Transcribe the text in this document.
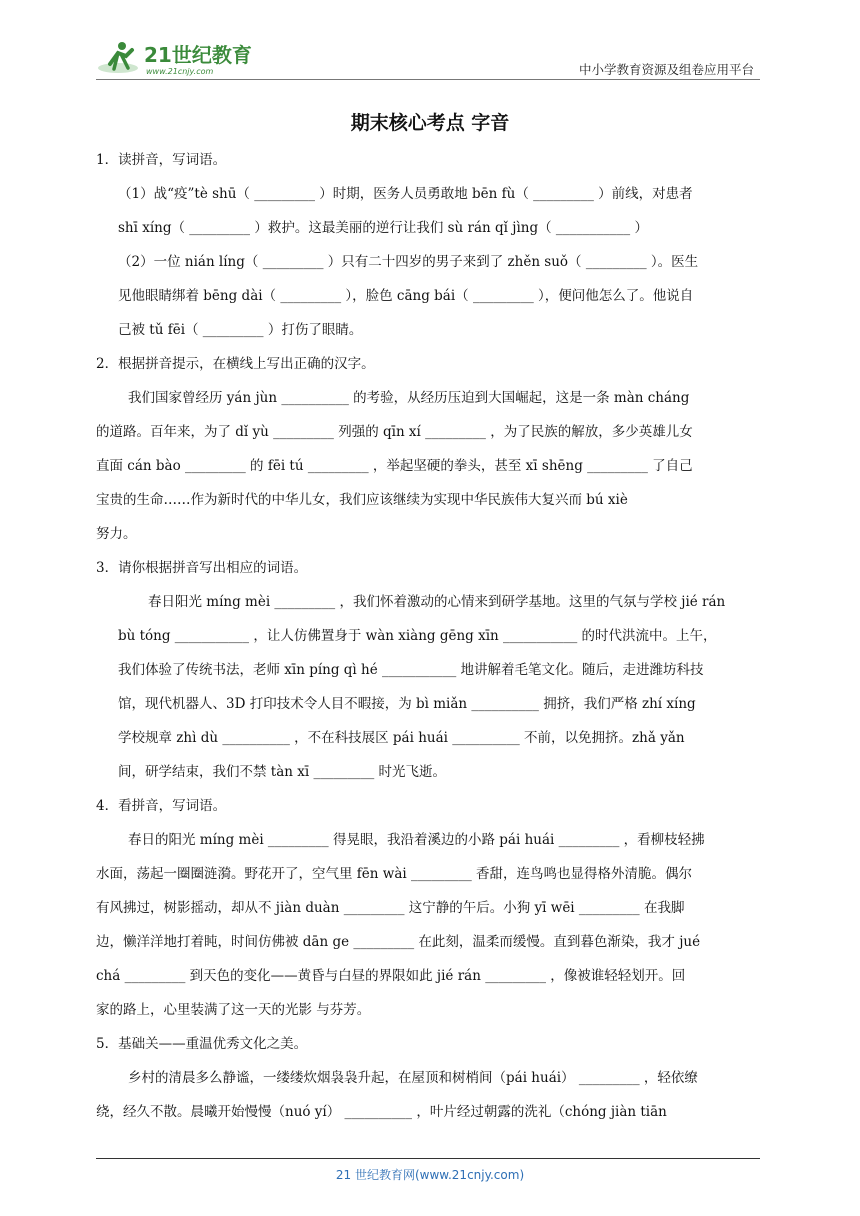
21世纪教育
www.21cnjy.com	中小学教育资源及组卷应用平台
期末核心考点 字音
1．读拼音，写词语。
（1）战“疫”tè shū（ _________ ）时期，医务人员勇敢地 bēn fù（ _________ ）前线，对患者
shī xíng（ _________ ）救护。这最美丽的逆行让我们 sù rán qǐ jìng（ ___________ ）
（2）一位 nián líng（ _________ ）只有二十四岁的男子来到了 zhěn suǒ（ _________ ）。医生
见他眼睛绑着 bēng dài（ _________ ），脸色 cāng bái（ _________ ），便问他怎么了。他说自
己被 tǔ fēi（ _________ ）打伤了眼睛。
2．根据拼音提示，在横线上写出正确的汉字。
我们国家曾经历 yán jùn __________ 的考验，从经历压迫到大国崛起，这是一条 màn cháng
的道路。百年来，为了 dǐ yù _________ 列强的 qīn xí _________ ，为了民族的解放，多少英雄儿女
直面 cán bào _________ 的 fēi tú _________ ，举起坚硬的拳头，甚至 xī shēng _________ 了自己
宝贵的生命……作为新时代的中华儿女，我们应该继续为实现中华民族伟大复兴而 bú xiè
努力。
3．请你根据拼音写出相应的词语。
春日阳光 míng mèi _________ ，我们怀着激动的心情来到研学基地。这里的气氛与学校 jié rán
bù tóng ___________ ，让人仿佛置身于 wàn xiàng gēng xīn ___________ 的时代洪流中。上午，
我们体验了传统书法，老师 xīn píng qì hé ___________ 地讲解着毛笔文化。随后，走进潍坊科技
馆，现代机器人、3D 打印技术令人目不暇接，为 bì miǎn __________ 拥挤，我们严格 zhí xíng
学校规章 zhì dù __________ ，不在科技展区 pái huái __________ 不前，以免拥挤。zhǎ yǎn
间，研学结束，我们不禁 tàn xī _________ 时光飞逝。
4．看拼音，写词语。
春日的阳光 míng mèi _________ 得晃眼，我沿着溪边的小路 pái huái _________ ，看柳枝轻拂
水面，荡起一圈圈涟漪。野花开了，空气里 fēn wài _________ 香甜，连鸟鸣也显得格外清脆。偶尔
有风拂过，树影摇动，却从不 jiàn duàn _________ 这宁静的午后。小狗 yī wēi _________ 在我脚
边，懒洋洋地打着盹，时间仿佛被 dān ge _________ 在此刻，温柔而缓慢。直到暮色渐染，我才 jué
chá _________ 到天色的变化——黄昏与白昼的界限如此 jié rán _________ ，像被谁轻轻划开。回
家的路上，心里装满了这一天的光影 与芬芳。
5．基础关——重温优秀文化之美。
乡村的清晨多么静谧，一缕缕炊烟袅袅升起，在屋顶和树梢间（pái huái） _________ ，轻依缭
绕，经久不散。晨曦开始慢慢（nuó yí） __________ ，叶片经过朝露的洗礼（chóng jiàn tiān
21 世纪教育网(www.21cnjy.com)
